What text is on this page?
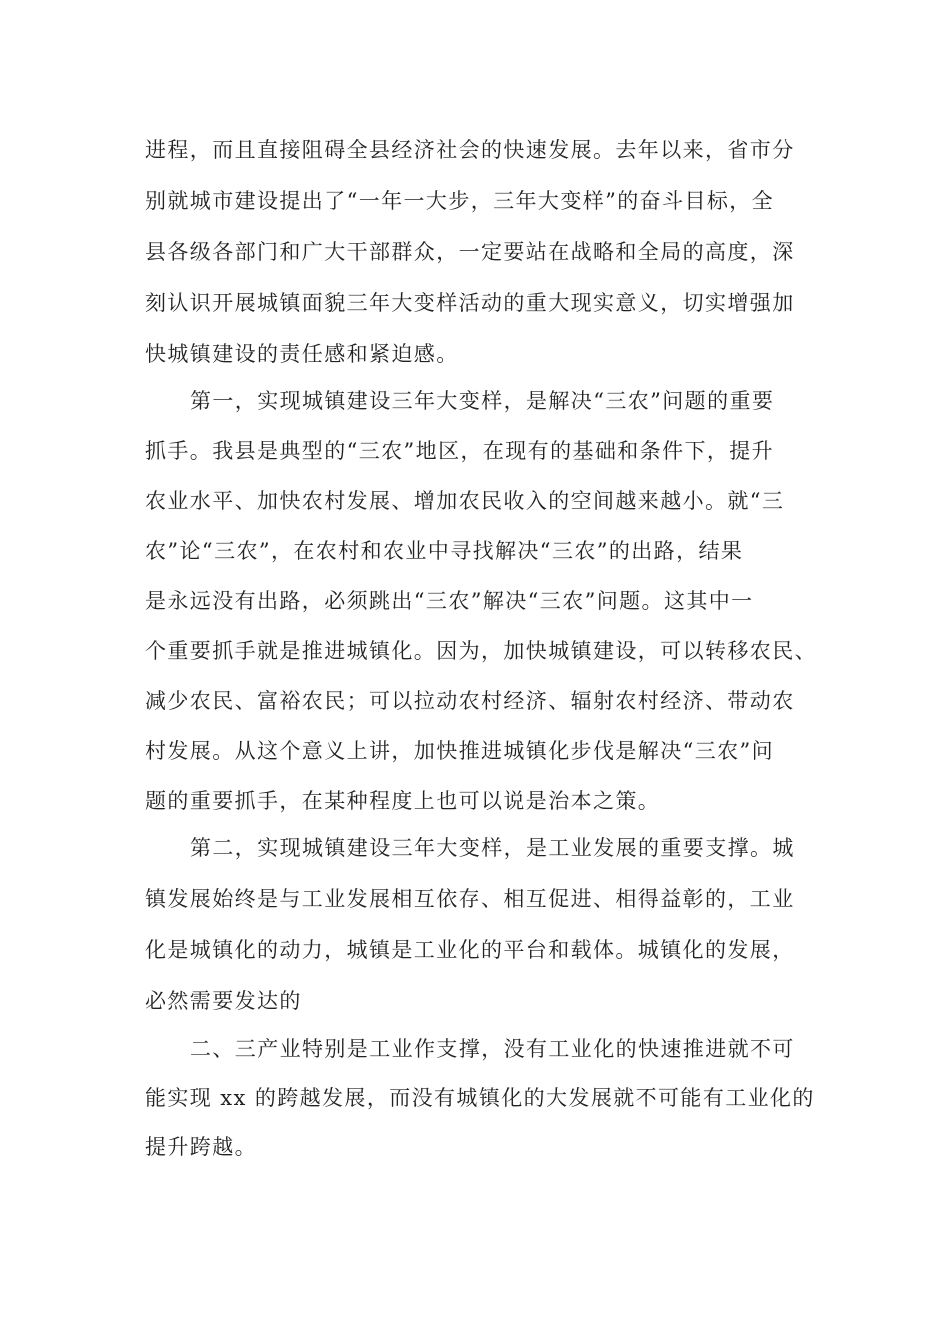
进程，而且直接阻碍全县经济社会的快速发展。去年以来，省市分
别就城市建设提出了“一年一大步，三年大变样”的奋斗目标，全
县各级各部门和广大干部群众，一定要站在战略和全局的高度，深
刻认识开展城镇面貌三年大变样活动的重大现实意义，切实增强加
快城镇建设的责任感和紧迫感。
第一，实现城镇建设三年大变样，是解决“三农”问题的重要
抓手。我县是典型的“三农”地区，在现有的基础和条件下，提升
农业水平、加快农村发展、增加农民收入的空间越来越小。就“三
农”论“三农”，在农村和农业中寻找解决“三农”的出路，结果
是永远没有出路，必须跳出“三农”解决“三农”问题。这其中一
个重要抓手就是推进城镇化。因为，加快城镇建设，可以转移农民、
减少农民、富裕农民；可以拉动农村经济、辐射农村经济、带动农
村发展。从这个意义上讲，加快推进城镇化步伐是解决“三农”问
题的重要抓手，在某种程度上也可以说是治本之策。
第二，实现城镇建设三年大变样，是工业发展的重要支撑。城
镇发展始终是与工业发展相互依存、相互促进、相得益彰的，工业
化是城镇化的动力，城镇是工业化的平台和载体。城镇化的发展，
必然需要发达的
二、三产业特别是工业作支撑，没有工业化的快速推进就不可
能实现 xx 的跨越发展，而没有城镇化的大发展就不可能有工业化的
提升跨越。
